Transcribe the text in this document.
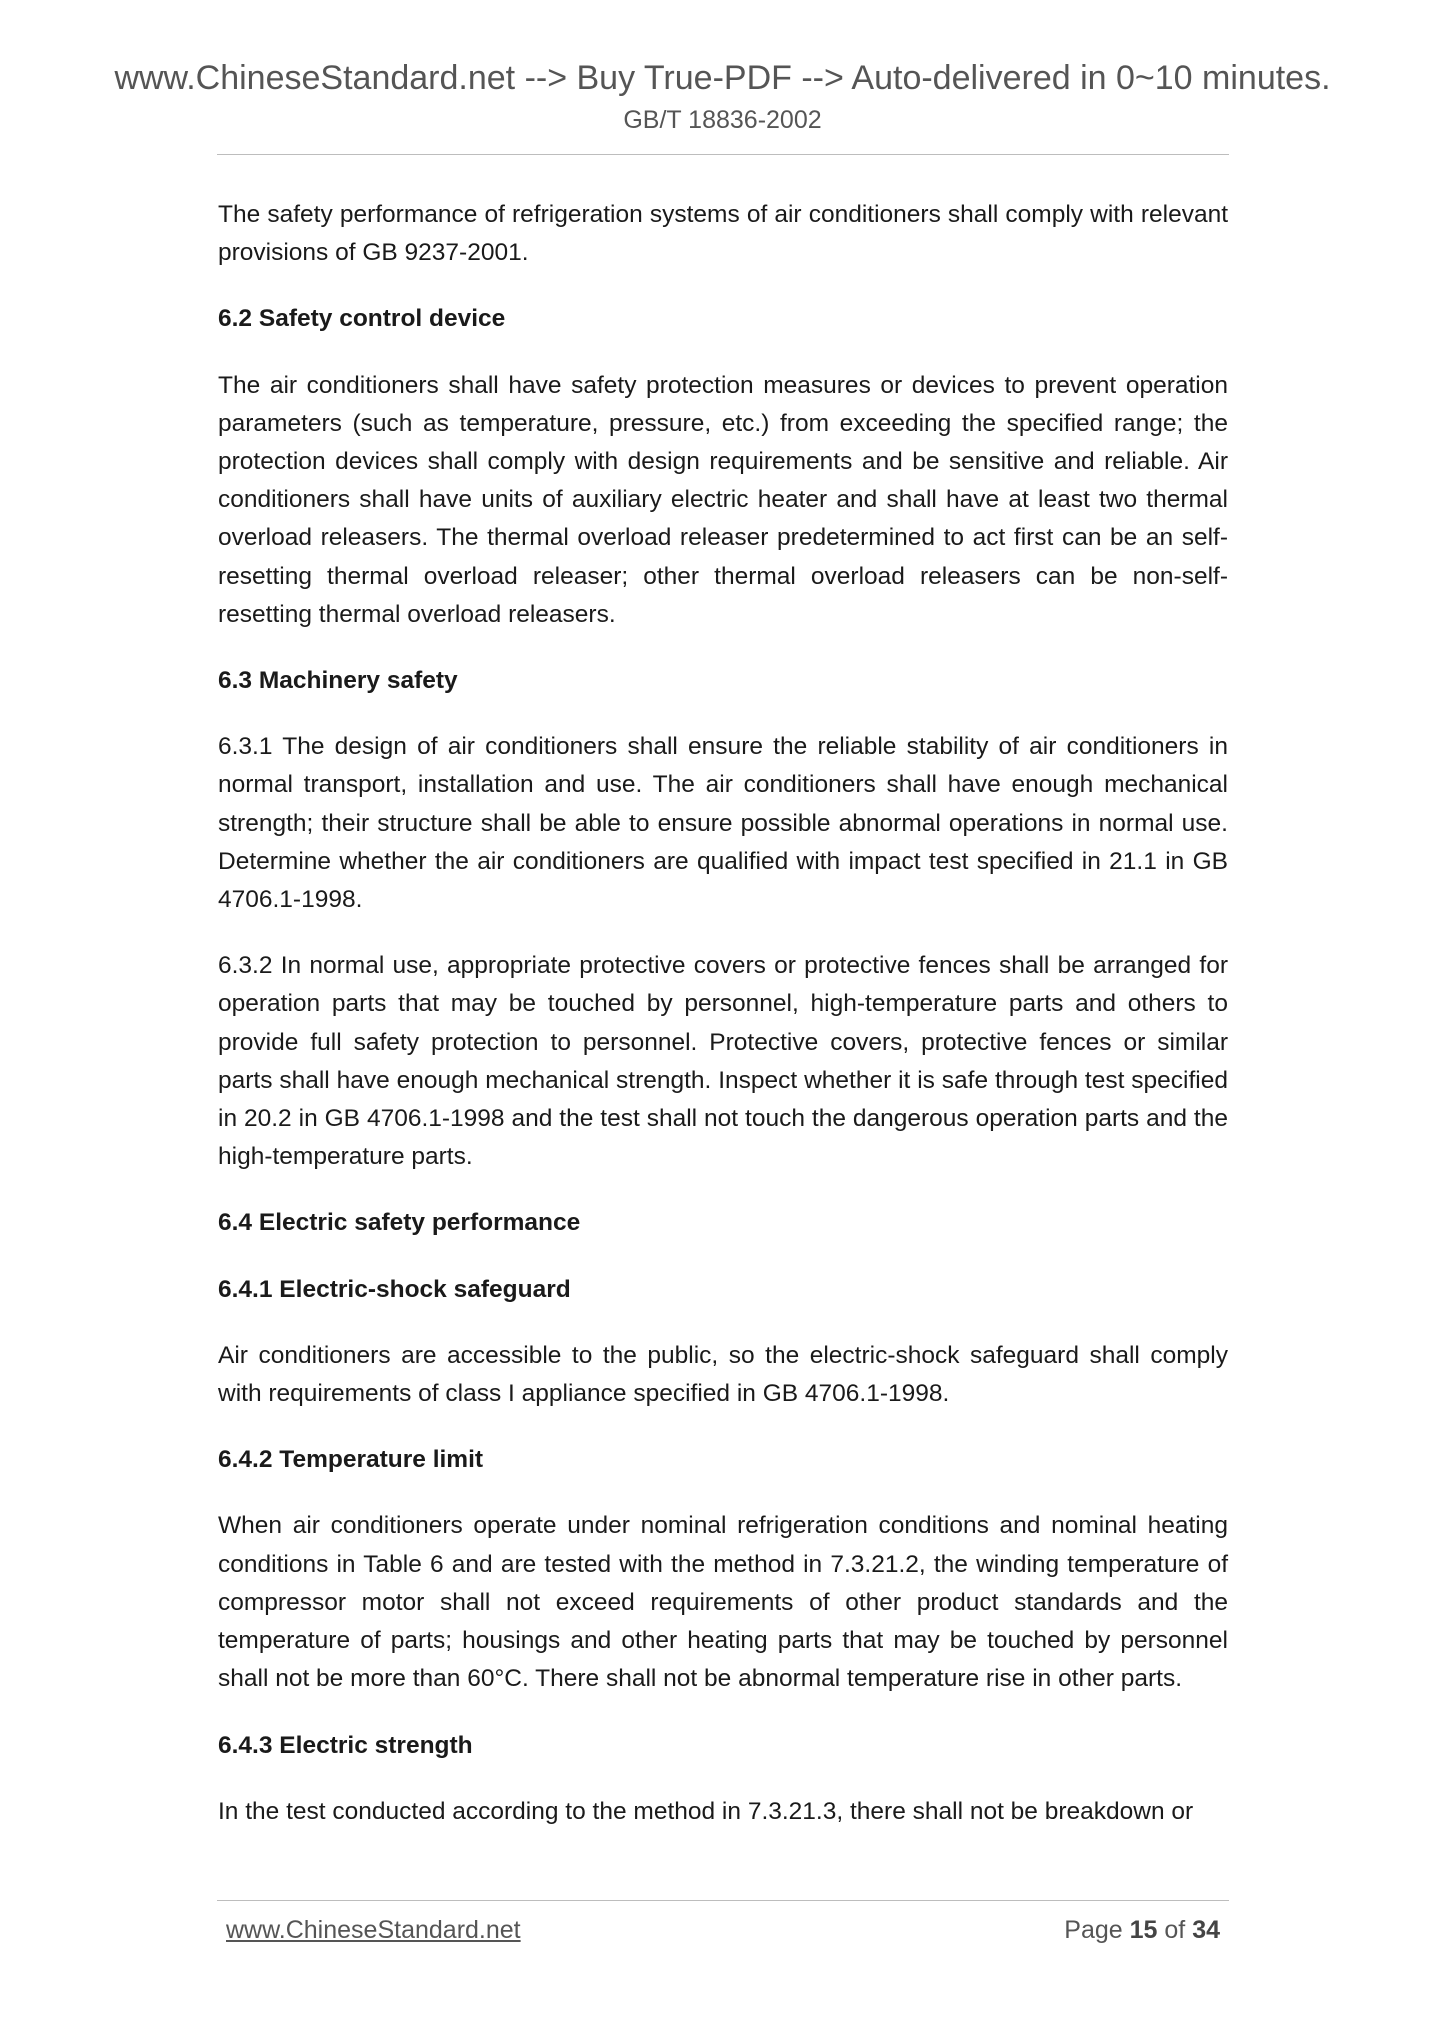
www.ChineseStandard.net --> Buy True-PDF --> Auto-delivered in 0~10 minutes.
GB/T 18836-2002

The safety performance of refrigeration systems of air conditioners shall comply with relevant provisions of GB 9237-2001.

6.2 Safety control device

The air conditioners shall have safety protection measures or devices to prevent operation parameters (such as temperature, pressure, etc.) from exceeding the specified range; the protection devices shall comply with design requirements and be sensitive and reliable. Air conditioners shall have units of auxiliary electric heater and shall have at least two thermal overload releasers. The thermal overload releaser predetermined to act first can be an self-resetting thermal overload releaser; other thermal overload releasers can be non-self-resetting thermal overload releasers.

6.3 Machinery safety

6.3.1 The design of air conditioners shall ensure the reliable stability of air conditioners in normal transport, installation and use. The air conditioners shall have enough mechanical strength; their structure shall be able to ensure possible abnormal operations in normal use. Determine whether the air conditioners are qualified with impact test specified in 21.1 in GB 4706.1-1998.

6.3.2 In normal use, appropriate protective covers or protective fences shall be arranged for operation parts that may be touched by personnel, high-temperature parts and others to provide full safety protection to personnel. Protective covers, protective fences or similar parts shall have enough mechanical strength. Inspect whether it is safe through test specified in 20.2 in GB 4706.1-1998 and the test shall not touch the dangerous operation parts and the high-temperature parts.

6.4 Electric safety performance
6.4.1 Electric-shock safeguard

Air conditioners are accessible to the public, so the electric-shock safeguard shall comply with requirements of class I appliance specified in GB 4706.1-1998.

6.4.2 Temperature limit

When air conditioners operate under nominal refrigeration conditions and nominal heating conditions in Table 6 and are tested with the method in 7.3.21.2, the winding temperature of compressor motor shall not exceed requirements of other product standards and the temperature of parts; housings and other heating parts that may be touched by personnel shall not be more than 60°C. There shall not be abnormal temperature rise in other parts.

6.4.3 Electric strength

In the test conducted according to the method in 7.3.21.3, there shall not be breakdown or

www.ChineseStandard.net	Page 15 of 34
